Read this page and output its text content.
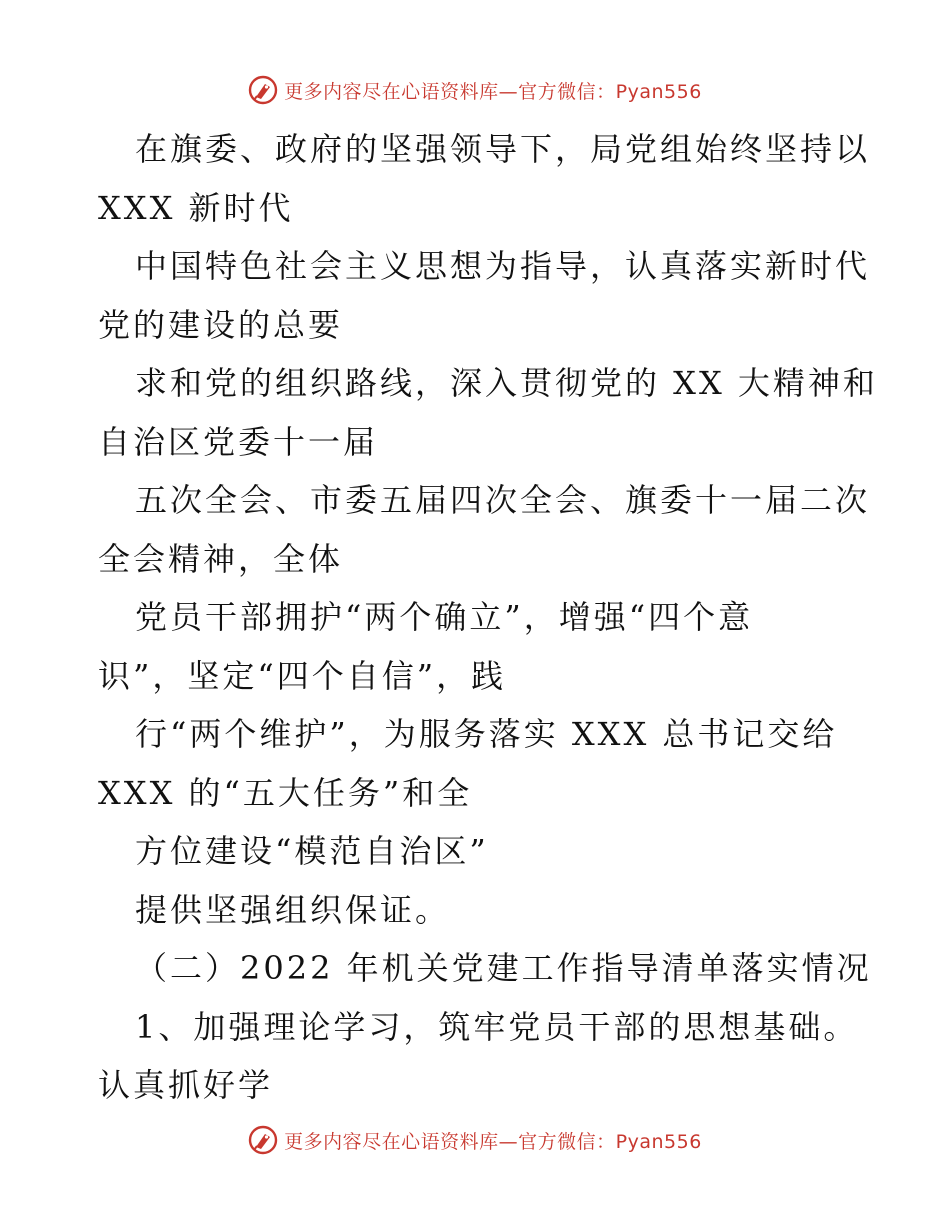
更多内容尽在心语资料库—官方微信：Pyan556
在旗委、政府的坚强领导下，局党组始终坚持以
XXX 新时代
中国特色社会主义思想为指导，认真落实新时代
党的建设的总要
求和党的组织路线，深入贯彻党的 XX 大精神和
自治区党委十一届
五次全会、市委五届四次全会、旗委十一届二次
全会精神，全体
党员干部拥护“两个确立”，增强“四个意
识”，坚定“四个自信”，践
行“两个维护”，为服务落实 XXX 总书记交给
XXX 的“五大任务”和全
方位建设“模范自治区”
提供坚强组织保证。
（二）2022 年机关党建工作指导清单落实情况
1、加强理论学习，筑牢党员干部的思想基础。
认真抓好学
更多内容尽在心语资料库—官方微信：Pyan556
